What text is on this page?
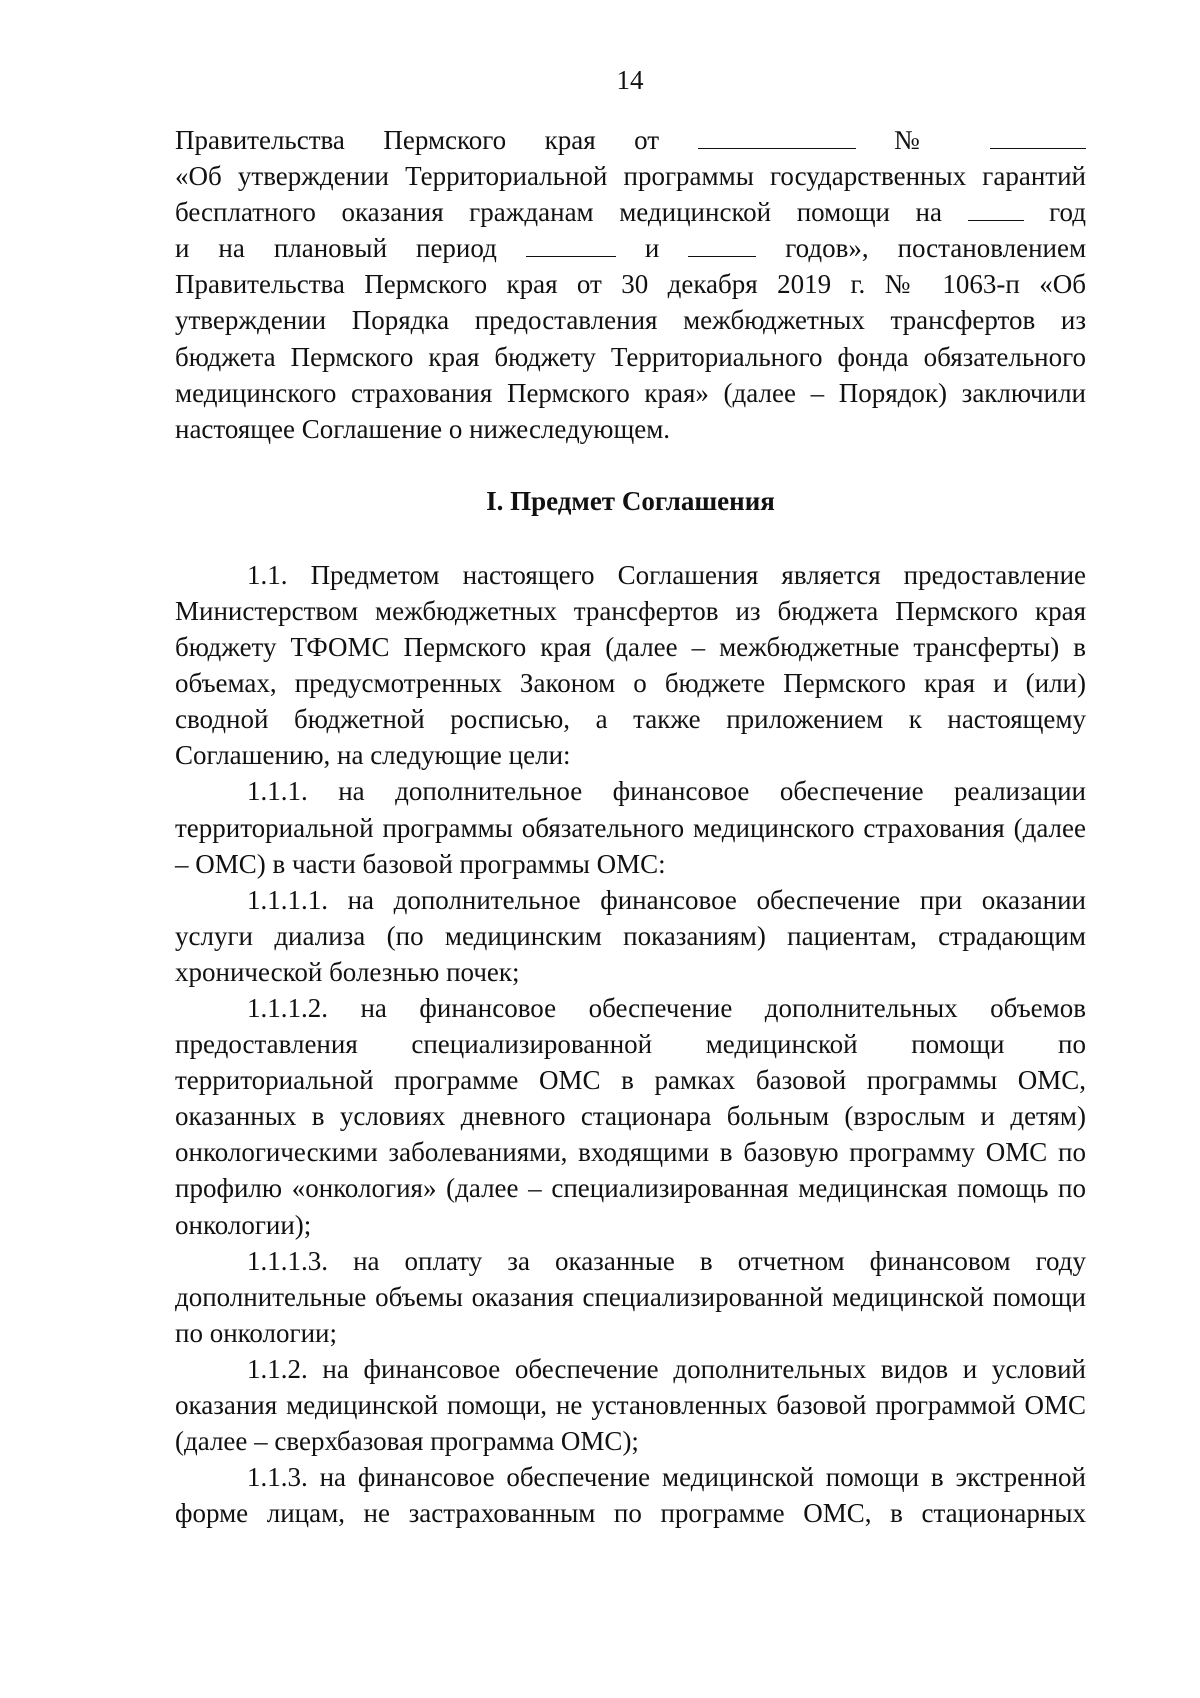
14

Правительства Пермского края от	№

«Об утверждении Территориальной программы государственных гарантий

бесплатного оказания гражданам медицинской помощи на	год

и на плановый период	и	годов», постановлением

Правительства Пермского края от 30 декабря 2019 г. № 1063-п «Об утверждении Порядка предоставления межбюджетных трансфертов из бюджета Пермского края бюджету Территориального фонда обязательного медицинского страхования Пермского края» (далее – Порядок) заключили настоящее Соглашение о нижеследующем.

I. Предмет Соглашения

1.1. Предметом настоящего Соглашения является предоставление Министерством межбюджетных трансфертов из бюджета Пермского края бюджету ТФОМС Пермского края (далее – межбюджетные трансферты) в объемах, предусмотренных Законом о бюджете Пермского края и (или) сводной бюджетной росписью, а также приложением к настоящему Соглашению, на следующие цели:

1.1.1. на дополнительное финансовое обеспечение реализации территориальной программы обязательного медицинского страхования (далее – ОМС) в части базовой программы ОМС:

1.1.1.1. на дополнительное финансовое обеспечение при оказании услуги диализа (по медицинским показаниям) пациентам, страдающим хронической болезнью почек;

1.1.1.2. на финансовое обеспечение дополнительных объемов предоставления специализированной медицинской помощи по территориальной программе ОМС в рамках базовой программы ОМС, оказанных в условиях дневного стационара больным (взрослым и детям) онкологическими заболеваниями, входящими в базовую программу ОМС по профилю «онкология» (далее – специализированная медицинская помощь по онкологии);

1.1.1.3. на оплату за оказанные в отчетном финансовом году дополнительные объемы оказания специализированной медицинской помощи по онкологии;

1.1.2. на финансовое обеспечение дополнительных видов и условий оказания медицинской помощи, не установленных базовой программой ОМС (далее – сверхбазовая программа ОМС);

1.1.3. на финансовое обеспечение медицинской помощи в экстренной форме лицам, не застрахованным по программе ОМС, в стационарных
